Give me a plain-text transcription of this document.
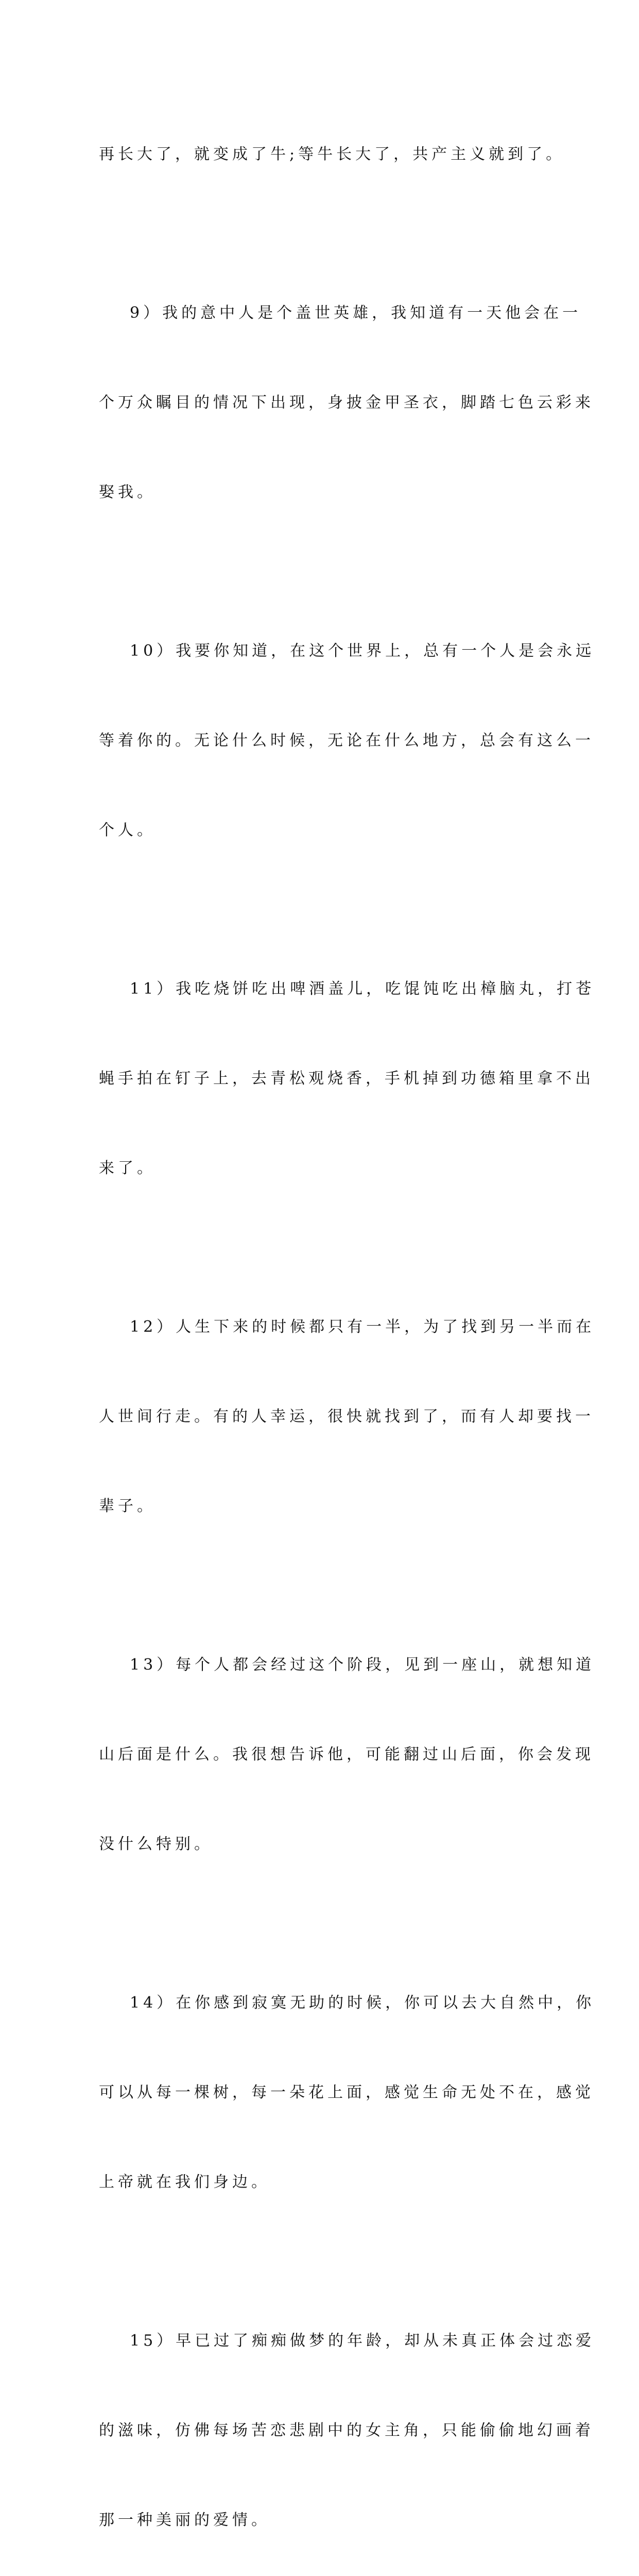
再长大了，就变成了牛;等牛长大了，共产主义就到了。

9）我的意中人是个盖世英雄，我知道有一天他会在一

个万众瞩目的情况下出现，身披金甲圣衣，脚踏七色云彩来

娶我。

10）我要你知道，在这个世界上，总有一个人是会永远

等着你的。无论什么时候，无论在什么地方，总会有这么一

个人。

11）我吃烧饼吃出啤酒盖儿，吃馄饨吃出樟脑丸，打苍

蝇手拍在钉子上，去青松观烧香，手机掉到功德箱里拿不出

来了。

12）人生下来的时候都只有一半，为了找到另一半而在

人世间行走。有的人幸运，很快就找到了，而有人却要找一

辈子。

13）每个人都会经过这个阶段，见到一座山，就想知道

山后面是什么。我很想告诉他，可能翻过山后面，你会发现

没什么特别。

14）在你感到寂寞无助的时候，你可以去大自然中，你

可以从每一棵树，每一朵花上面，感觉生命无处不在，感觉

上帝就在我们身边。

15）早已过了痴痴做梦的年龄，却从未真正体会过恋爱

的滋味，仿佛每场苦恋悲剧中的女主角，只能偷偷地幻画着

那一种美丽的爱情。
